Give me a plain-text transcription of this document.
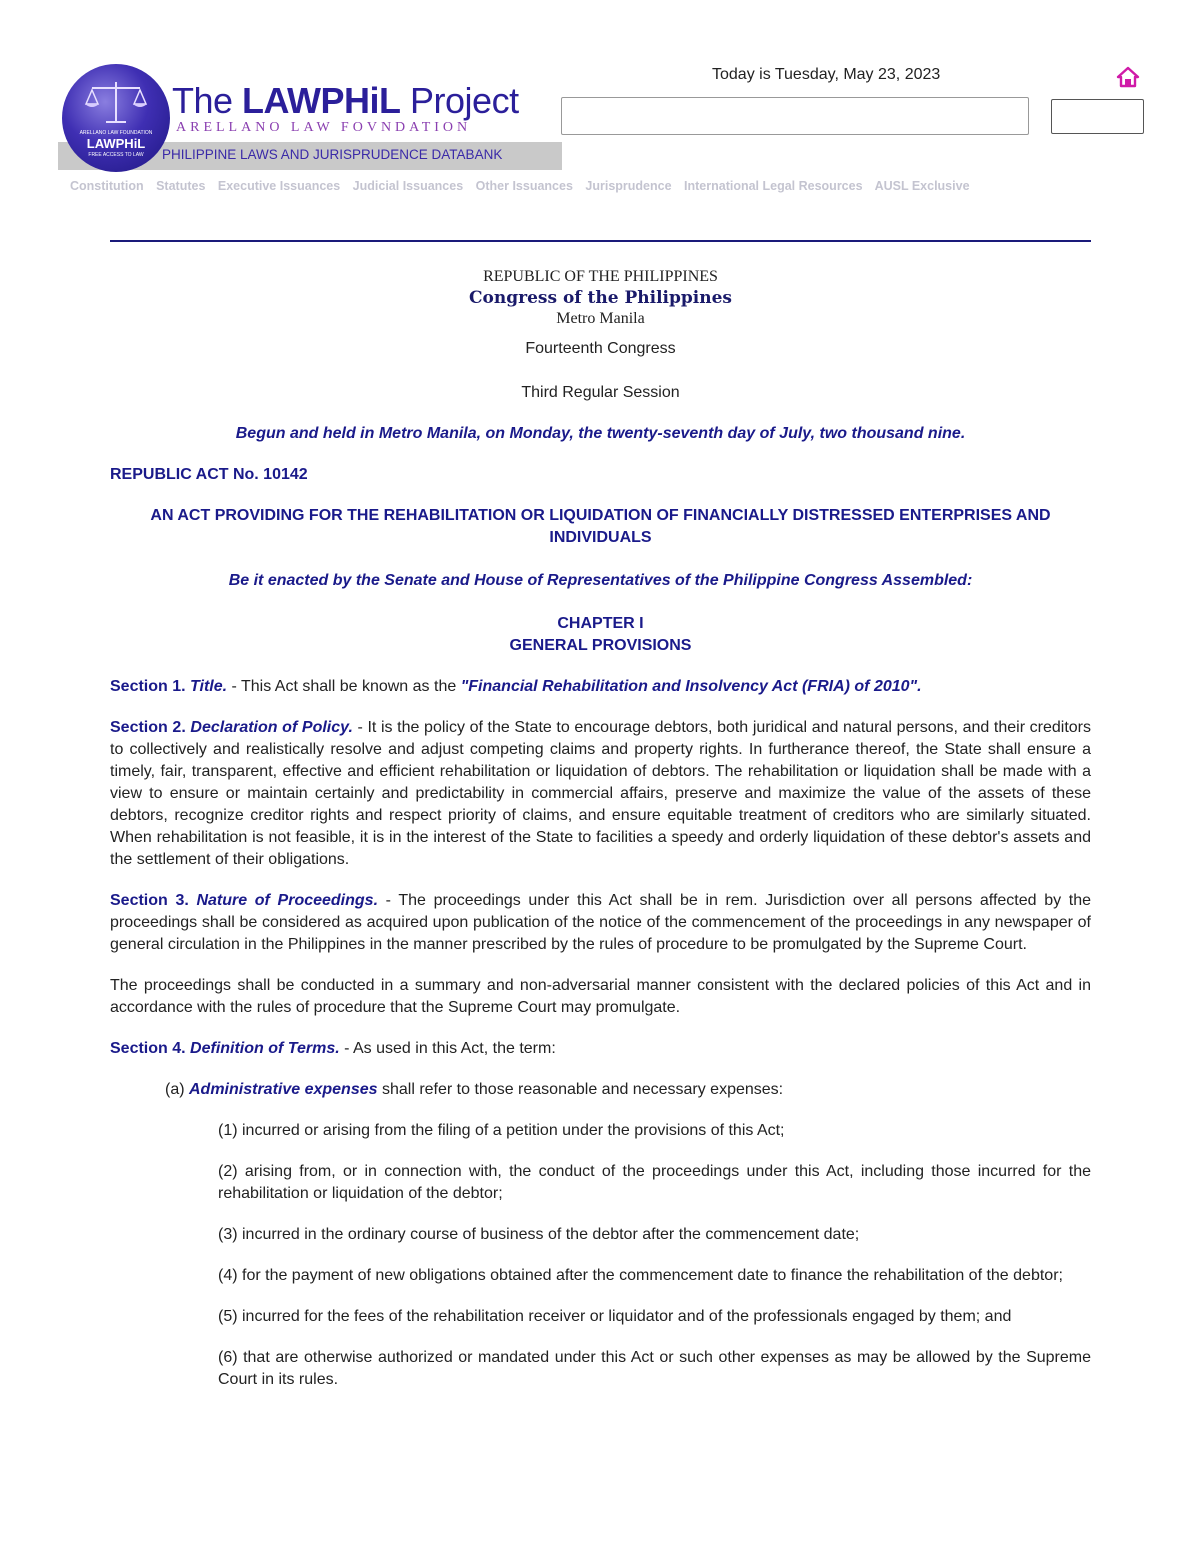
PHILIPPINE LAWS AND JURISPRUDENCE DATABANK
ARELLANO LAW FOUNDATION
LAWPHiL
FREE ACCESS TO LAW
The LAWPHiL Project
ARELLANO LAW FOVNDATION
Today is Tuesday, May 23, 2023
Constitution Statutes Executive Issuances Judicial Issuances Other Issuances Jurisprudence International Legal Resources AUSL Exclusive

REPUBLIC OF THE PHILIPPINES

Congress of the Philippines

Metro Manila

Fourteenth Congress

Third Regular Session

Begun and held in Metro Manila, on Monday, the twenty-seventh day of July, two thousand nine.

REPUBLIC ACT No. 10142

AN ACT PROVIDING FOR THE REHABILITATION OR LIQUIDATION OF FINANCIALLY DISTRESSED ENTERPRISES AND INDIVIDUALS

Be it enacted by the Senate and House of Representatives of the Philippine Congress Assembled:

CHAPTER I

GENERAL PROVISIONS

Section 1. Title. - This Act shall be known as the "Financial Rehabilitation and Insolvency Act (FRIA) of 2010".

Section 2. Declaration of Policy. - It is the policy of the State to encourage debtors, both juridical and natural persons, and their creditors to collectively and realistically resolve and adjust competing claims and property rights. In furtherance thereof, the State shall ensure a timely, fair, transparent, effective and efficient rehabilitation or liquidation of debtors. The rehabilitation or liquidation shall be made with a view to ensure or maintain certainly and predictability in commercial affairs, preserve and maximize the value of the assets of these debtors, recognize creditor rights and respect priority of claims, and ensure equitable treatment of creditors who are similarly situated. When rehabilitation is not feasible, it is in the interest of the State to facilities a speedy and orderly liquidation of these debtor's assets and the settlement of their obligations.

Section 3. Nature of Proceedings. - The proceedings under this Act shall be in rem. Jurisdiction over all persons affected by the proceedings shall be considered as acquired upon publication of the notice of the commencement of the proceedings in any newspaper of general circulation in the Philippines in the manner prescribed by the rules of procedure to be promulgated by the Supreme Court.

The proceedings shall be conducted in a summary and non-adversarial manner consistent with the declared policies of this Act and in accordance with the rules of procedure that the Supreme Court may promulgate.

Section 4. Definition of Terms. - As used in this Act, the term:

(a) Administrative expenses shall refer to those reasonable and necessary expenses:

(1) incurred or arising from the filing of a petition under the provisions of this Act;

(2) arising from, or in connection with, the conduct of the proceedings under this Act, including those incurred for the rehabilitation or liquidation of the debtor;

(3) incurred in the ordinary course of business of the debtor after the commencement date;

(4) for the payment of new obligations obtained after the commencement date to finance the rehabilitation of the debtor;

(5) incurred for the fees of the rehabilitation receiver or liquidator and of the professionals engaged by them; and

(6) that are otherwise authorized or mandated under this Act or such other expenses as may be allowed by the Supreme Court in its rules.
